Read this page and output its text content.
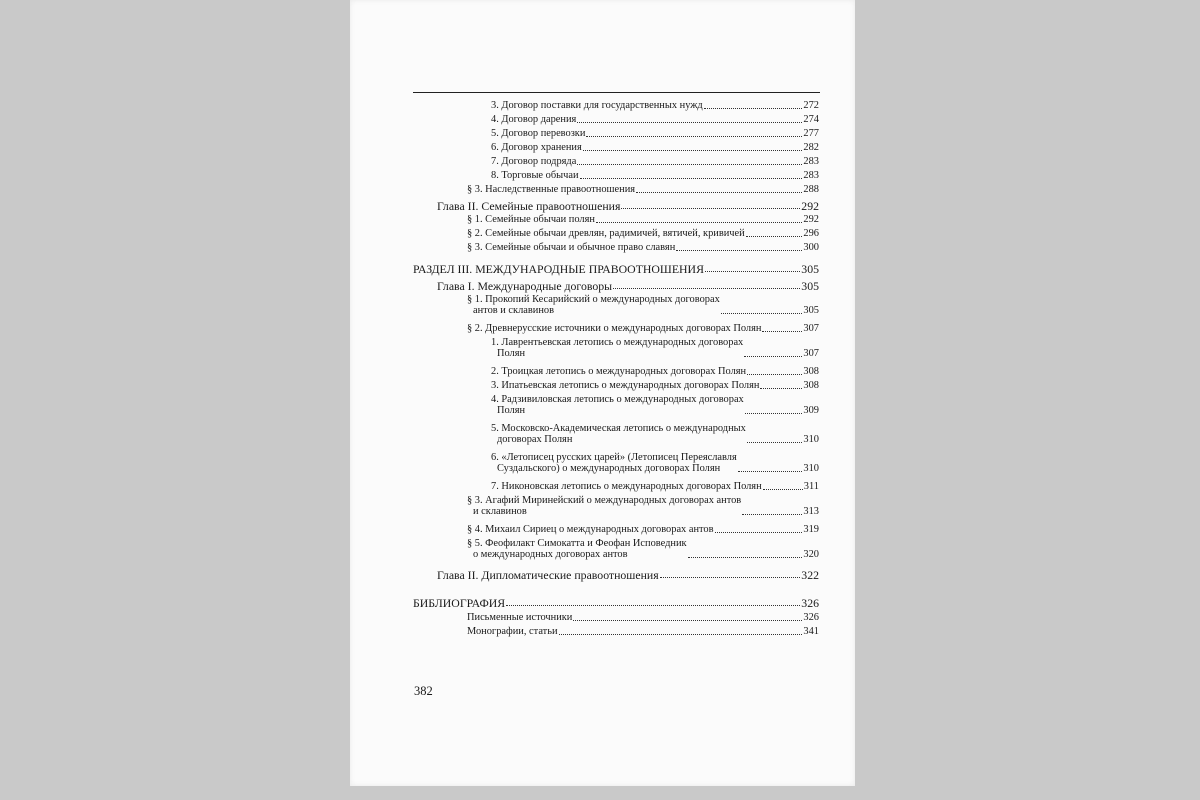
3. Договор поставки для государственных нужд	272
4. Договор дарения	274
5. Договор перевозки	277
6. Договор хранения	282
7. Договор подряда	283
8. Торговые обычаи	283
§ 3. Наследственные правоотношения	288
Глава II. Семейные правоотношения	292
§ 1. Семейные обычаи полян	292
§ 2. Семейные обычаи древлян, радимичей, вятичей, кривичей	296
§ 3. Семейные обычаи и обычное право славян	300
РАЗДЕЛ III. МЕЖДУНАРОДНЫЕ ПРАВООТНОШЕНИЯ	305
Глава I. Международные договоры	305
§ 1. Прокопий Кесарийский о международных договорах
антов и склавинов	305
§ 2. Древнерусские источники о международных договорах Полян	307
1. Лаврентьевская летопись о международных договорах
Полян	307
2. Троицкая летопись о международных договорах Полян	308
3. Ипатьевская летопись о международных договорах Полян	308
4. Радзивиловская летопись о международных договорах
Полян	309
5. Московско-Академическая летопись о международных
договорах Полян	310
6. «Летописец русских царей» (Летописец Переяславля
Суздальского) о международных договорах Полян	310
7. Никоновская летопись о международных договорах Полян	311
§ 3. Агафий Миринейский о международных договорах антов
и склавинов	313
§ 4. Михаил Сириец о международных договорах антов	319
§ 5. Феофилакт Симокатта и Феофан Исповедник
о международных договорах антов	320
Глава II. Дипломатические правоотношения	322
БИБЛИОГРАФИЯ	326
Письменные источники	326
Монографии, статьи	341
382
